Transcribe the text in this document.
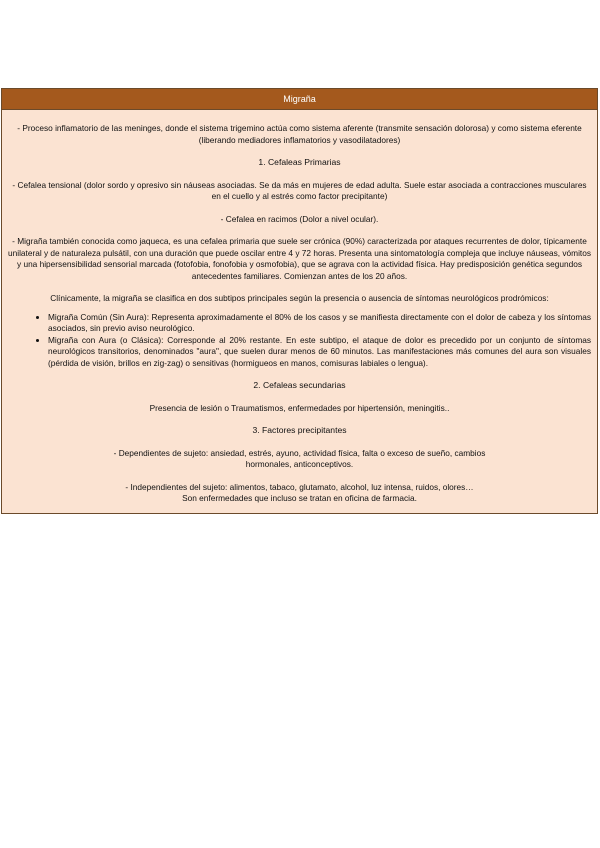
Migraña

- Proceso inflamatorio de las meninges, donde el sistema trigemino actúa como sistema aferente (transmite sensación dolorosa) y como sistema eferente (liberando mediadores inflamatorios y vasodilatadores)

1. Cefaleas Primarias

- Cefalea tensional (dolor sordo y opresivo sin náuseas asociadas. Se da más en mujeres de edad adulta. Suele estar asociada a contracciones musculares en el cuello y al estrés como factor precipitante)

- Cefalea en racimos (Dolor a nivel ocular).

- Migraña también conocida como jaqueca, es una cefalea primaria que suele ser crónica (90%) caracterizada por ataques recurrentes de dolor, típicamente unilateral y de naturaleza pulsátil, con una duración que puede oscilar entre 4 y 72 horas. Presenta una sintomatología compleja que incluye náuseas, vómitos y una hipersensibilidad sensorial marcada (fotofobia, fonofobia y osmofobia), que se agrava con la actividad física. Hay predisposición genética segundos antecedentes familiares. Comienzan antes de los 20 años.

Clínicamente, la migraña se clasifica en dos subtipos principales según la presencia o ausencia de síntomas neurológicos prodrómicos:

• Migraña Común (Sin Aura): Representa aproximadamente el 80% de los casos y se manifiesta directamente con el dolor de cabeza y los síntomas asociados, sin previo aviso neurológico.
• Migraña con Aura (o Clásica): Corresponde al 20% restante. En este subtipo, el ataque de dolor es precedido por un conjunto de síntomas neurológicos transitorios, denominados "aura", que suelen durar menos de 60 minutos. Las manifestaciones más comunes del aura son visuales (pérdida de visión, brillos en zig-zag) o sensitivas (hormigueos en manos, comisuras labiales o lengua).

2. Cefaleas secundarias

Presencia de lesión o Traumatismos, enfermedades por hipertensión, meningitis..

3. Factores precipitantes

- Dependientes de sujeto: ansiedad, estrés, ayuno, actividad física, falta o exceso de sueño, cambios

hormonales, anticonceptivos.

- Independientes del sujeto: alimentos, tabaco, glutamato, alcohol, luz intensa, ruidos, olores…

Son enfermedades que incluso se tratan en oficina de farmacia.
